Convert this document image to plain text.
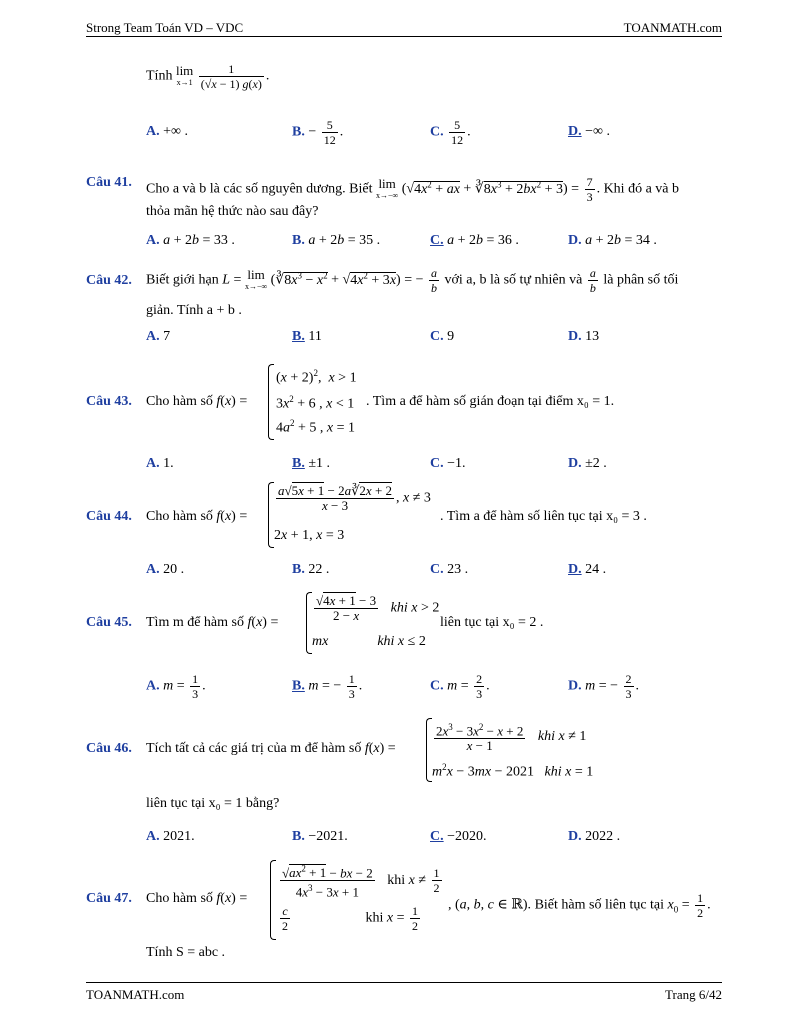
Strong Team Toán VD – VDC	TOANMATH.com
Tính lim
x→1
$\frac{1}{(√x - 1) g(x)}$ .
A. +∞ .	B. − $\frac{5}{12}$ .	C. $\frac{5}{12}$ .	D. −∞ .
Câu 41. Cho a và b là các số nguyên dương. Biết lim
x→−∞ ($√4x^2$ + ax + $∛8x^3 + 2bx^2 + 3) = \frac{7}{3}$ . Khi đó a và b
thỏa mãn hệ thức nào sau đây?
A. a + 2b = 33 .	B. a + 2b = 35 .	C. a + 2b = 36 .	D. a + 2b = 34 .
Câu 42. Biết giới hạn L = lim
x→−∞ $(∛8x^3 - x^2 + √4x^2 + 3x)$ = − $\frac{a}{b}$ với a, b là số tự nhiên và $\frac{a}{b}$ là phân số tối
giản. Tính a + b .
A. 7	B. 11	C. 9	D. 13
Câu 43. Cho hàm số f(x) =
$(x + 2)^2$,  x > 1
$3x^2 + 6$ , x < 1
$4a^2 + 5$ , x = 1
. Tìm a để hàm số gián đoạn tại điểm x₀ = 1.
A. 1.	B. ±1 .	C. −1.	D. ±2 .
Câu 44. Cho hàm số f(x) =
$\frac{a√5x + 1 - 2a∛2x + 2}{x - 3}$ , x ≠ 3
2x + 1, x = 3
. Tìm a để hàm số liên tục tại x₀ = 3 .
A. 20 .	B. 22 .	C. 23 .	D. 24 .
Câu 45. Tìm m để hàm số f(x) =	$\frac{√4x + 1 - 3}{2 - x}$ khi x > 2
mx	khi x ≤ 2
liên tục tại x₀ = 2 .
A. $m = \frac{1}{3}$ .	B. m = − $\frac{1}{3}$ .	C. $m = \frac{2}{3}$ .	D. m = − $\frac{2}{3}$ .
Câu 46. Tích tất cả các giá trị của m để hàm số f(x) =	$\frac{2x^3 - 3x^2 - x + 2}{x - 1}$ khi x ≠ 1
$m^2x - 3mx - 2021$   khi x = 1
liên tục tại x₀ = 1 bằng?
A. 2021.	B. −2021.	C. −2020.	D. 2022 .
Câu 47. Cho hàm số f(x) =	$\frac{√ax^2 + 1 - bx - 2}{4x^3 - 3x + 1}$ khi $x \ne \frac{1}{2}$
$\frac{c}{2}$ khi $x = \frac{1}{2}$ , (a, b, c ∈ ℝ). Biết hàm số liên tục tại $x_0 = \frac{1}{2}$ .
Tính S = abc .
TOANMATH.com	Trang 6/42
